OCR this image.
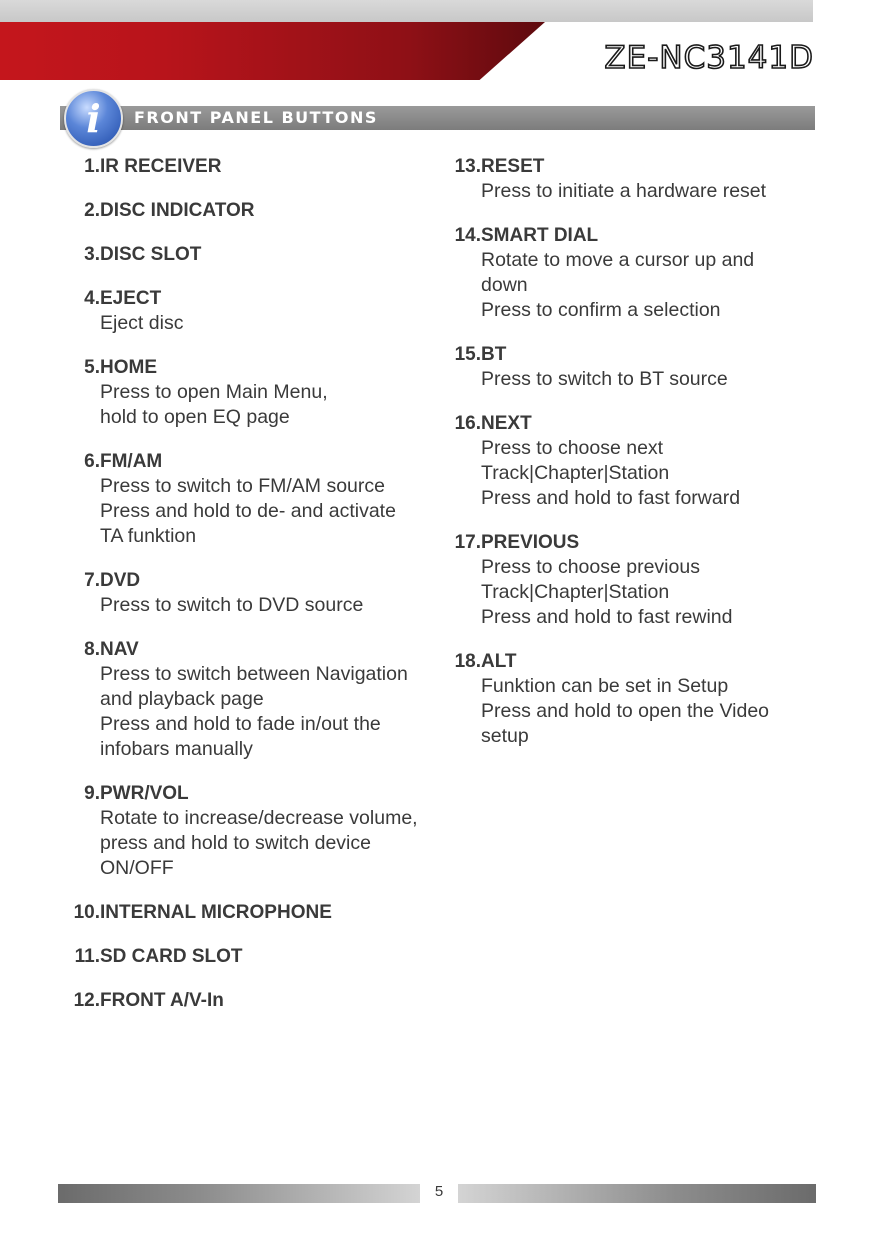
ZE-NC3141D
i FRONT PANEL BUTTONS
1. IR RECEIVER
2. DISC INDICATOR
3. DISC SLOT
4. EJECT
Eject disc
5. HOME
Press to open Main Menu,
hold to open EQ page
6. FM/AM
Press to switch to FM/AM source
Press and hold to de- and activate
TA funktion
7. DVD
Press to switch to DVD source
8. NAV
Press to switch between Navigation
and playback page
Press and hold to fade in/out the
infobars manually
9. PWR/VOL
Rotate to increase/decrease volume,
press and hold to switch device
ON/OFF
10. INTERNAL MICROPHONE
11. SD CARD SLOT
12. FRONT A/V-In
13. RESET
Press to initiate a hardware reset
14. SMART DIAL
Rotate to move a cursor up and
down
Press to confirm a selection
15. BT
Press to switch to BT source
16. NEXT
Press to choose next
Track|Chapter|Station
Press and hold to fast forward
17. PREVIOUS
Press to choose previous
Track|Chapter|Station
Press and hold to fast rewind
18. ALT
Funktion can be set in Setup
Press and hold to open the Video
setup
5
